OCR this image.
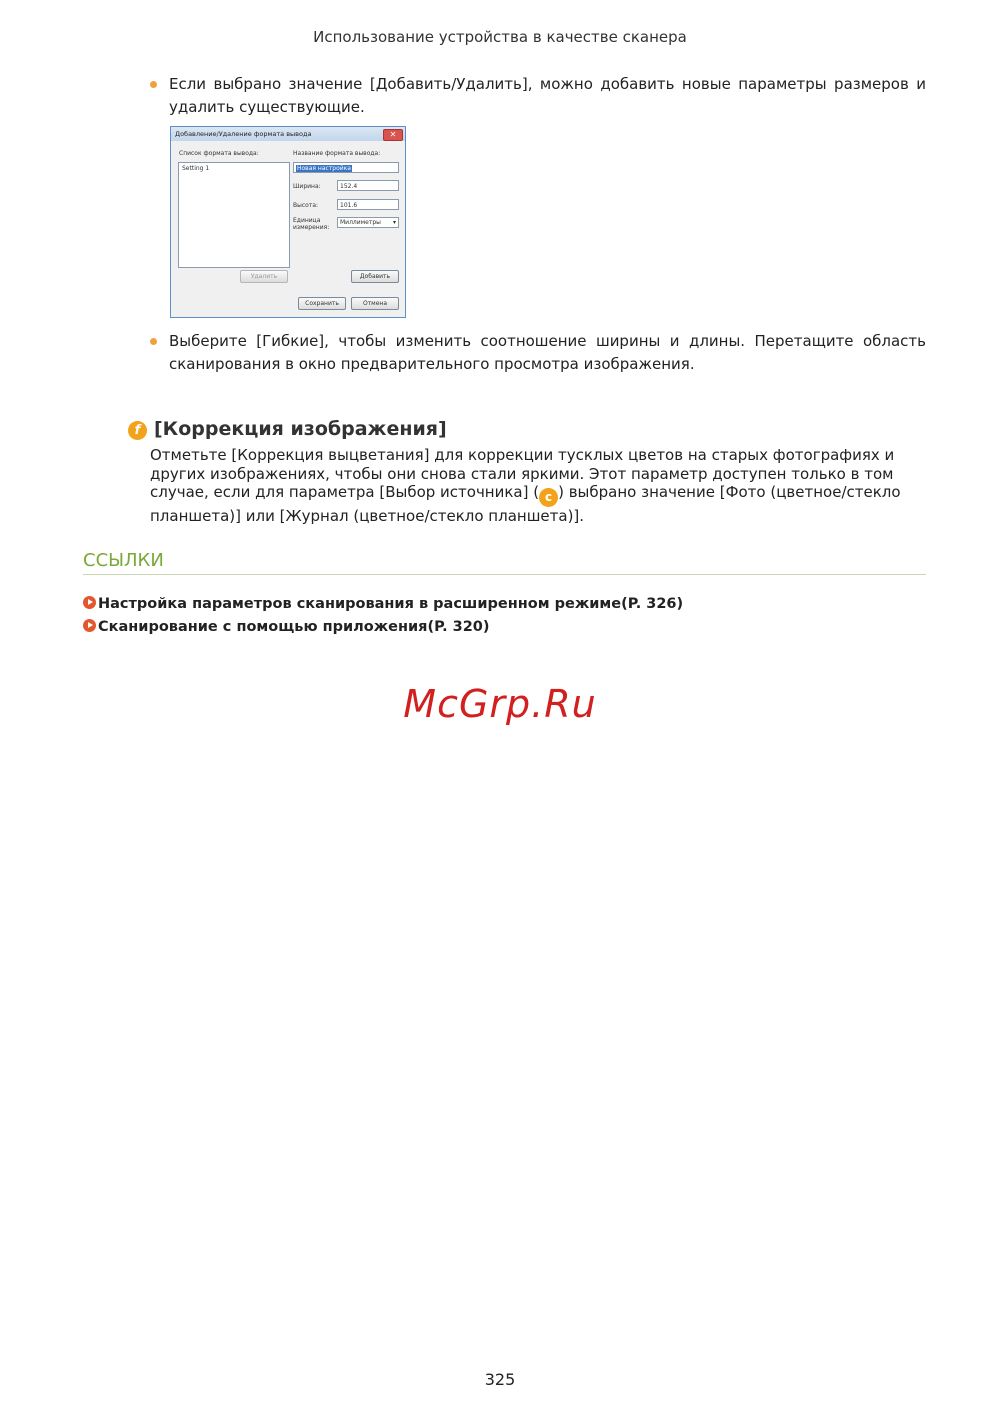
Использование устройства в качестве сканера
Если выбрано значение [Добавить/Удалить], можно добавить новые параметры размеров и удалить существующие.
Добавление/Удаление формата вывода	✕
Список формата вывода:
Setting 1
Название формата вывода:
Новая настройка
Ширина:	152.4
Высота:	101.6
Единица
измерения:
Миллиметры ▾
Удалить	Добавить
Сохранить	Отмена
Выберите [Гибкие], чтобы изменить соотношение ширины и длины. Перетащите область сканирования в окно предварительного просмотра изображения.
f [Коррекция изображения]
Отметьте [Коррекция выцветания] для коррекции тусклых цветов на старых фотографиях и других изображениях, чтобы они снова стали яркими. Этот параметр доступен только в том случае, если для параметра [Выбор источника] ( c ) выбрано значение [Фото (цветное/стекло планшета)] или [Журнал (цветное/стекло планшета)].
ССЫЛКИ
Настройка параметров сканирования в расширенном режиме(P. 326)
Сканирование с помощью приложения(P. 320)
McGrp.Ru
325
